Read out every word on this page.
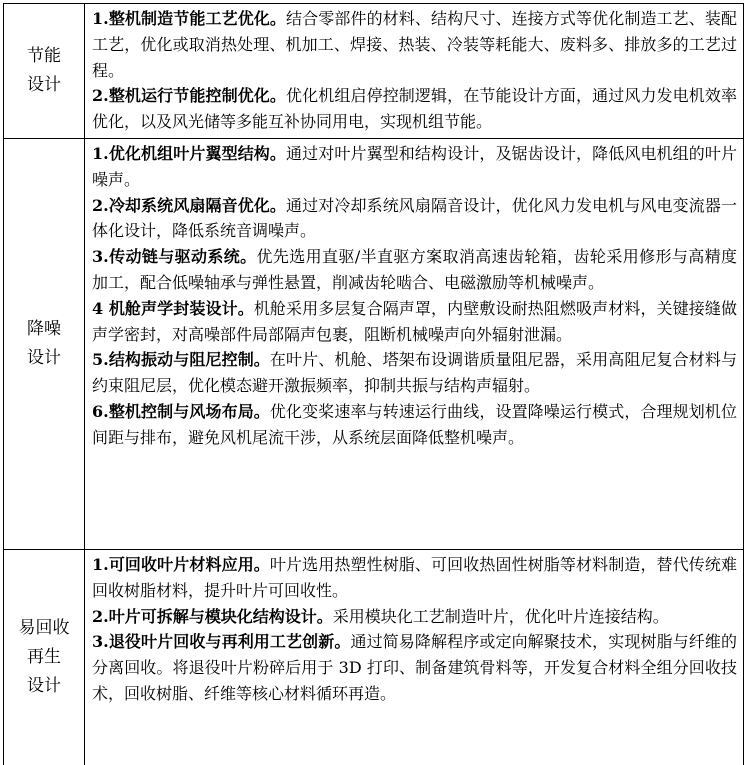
节能
设计

1.整机制造节能工艺优化。结合零部件的材料、结构尺寸、连接方式等优化制造工艺、装配工艺，优化或取消热处理、机加工、焊接、热装、冷装等耗能大、废料多、排放多的工艺过程。

2.整机运行节能控制优化。优化机组启停控制逻辑，在节能设计方面，通过风力发电机效率优化，以及风光储等多能互补协同用电，实现机组节能。

降噪
设计

1.优化机组叶片翼型结构。通过对叶片翼型和结构设计，及锯齿设计，降低风电机组的叶片噪声。

2.冷却系统风扇隔音优化。通过对冷却系统风扇隔音设计，优化风力发电机与风电变流器一体化设计，降低系统音调噪声。

3.传动链与驱动系统。优先选用直驱/半直驱方案取消高速齿轮箱，齿轮采用修形与高精度加工，配合低噪轴承与弹性悬置，削减齿轮啮合、电磁激励等机械噪声。

4 机舱声学封装设计。机舱采用多层复合隔声罩，内壁敷设耐热阻燃吸声材料，关键接缝做声学密封，对高噪部件局部隔声包裹，阻断机械噪声向外辐射泄漏。

5.结构振动与阻尼控制。在叶片、机舱、塔架布设调谐质量阻尼器，采用高阻尼复合材料与约束阻尼层，优化模态避开激振频率，抑制共振与结构声辐射。

6.整机控制与风场布局。优化变桨速率与转速运行曲线，设置降噪运行模式，合理规划机位间距与排布，避免风机尾流干涉，从系统层面降低整机噪声。

易回收
再生
设计

1.可回收叶片材料应用。叶片选用热塑性树脂、可回收热固性树脂等材料制造，替代传统难回收树脂材料，提升叶片可回收性。

2.叶片可拆解与模块化结构设计。采用模块化工艺制造叶片，优化叶片连接结构。

3.退役叶片回收与再利用工艺创新。通过简易降解程序或定向解聚技术，实现树脂与纤维的分离回收。将退役叶片粉碎后用于 3D 打印、制备建筑骨料等，开发复合材料全组分回收技术，回收树脂、纤维等核心材料循环再造。
